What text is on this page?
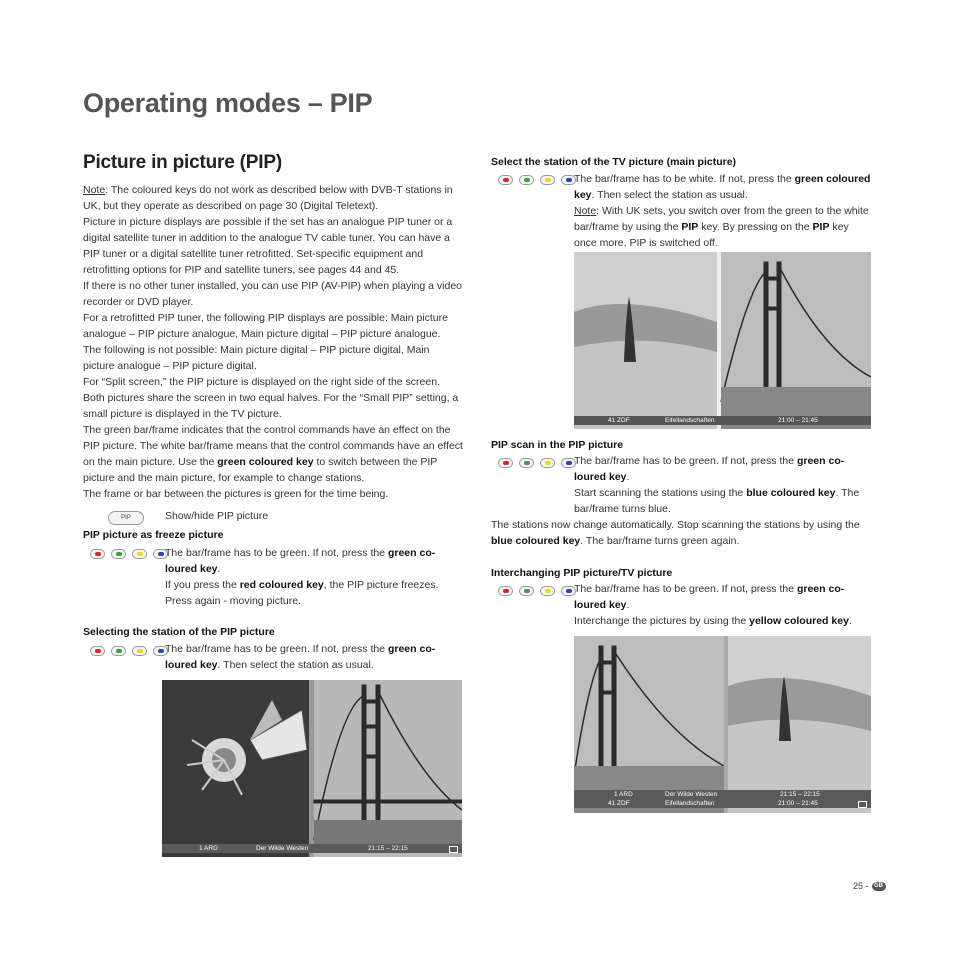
Operating modes – PIP
Picture in picture (PIP)

Note: The coloured keys do not work as described below with DVB-T stations in UK, but they operate as described on page 30 (Digital Teletext).

Picture in picture displays are possible if the set has an analogue PIP tuner or a digital satellite tuner in addition to the analogue TV cable tuner. You can have a PIP tuner or a digital satellite tuner retrofitted. Set-specific equipment and retrofitting options for PIP and satellite tuners, see pages 44 and 45.

If there is no other tuner installed, you can use PIP (AV-PIP) when playing a video recorder or DVD player.

For a retrofitted PIP tuner, the following PIP displays are possible: Main picture analogue – PIP picture analogue, Main picture digital – PIP picture analogue.

The following is not possible: Main picture digital – PIP picture digital, Main picture analogue – PIP picture digital.

For “Split screen,” the PIP picture is displayed on the right side of the screen. Both pictures share the screen in two equal halves. For the “Small PIP” setting, a small picture is displayed in the TV picture.

The green bar/frame indicates that the control commands have an effect on the PIP picture. The white bar/frame means that the control commands have an effect on the main picture. Use the green coloured key to switch between the PIP picture and the main picture, for example to change stations.

The frame or bar between the pictures is green for the time being.

PIP	Show/hide PIP picture
PIP picture as freeze picture

The bar/frame has to be green. If not, press the green co-loured key.

If you press the red coloured key, the PIP picture freezes. Press again - moving picture.

Selecting the station of the PIP picture

The bar/frame has to be green. If not, press the green co-loured key. Then select the station as usual.

1 ARD	Der Wilde Westen	21:15 – 22:15
Select the station of the TV picture (main picture)

The bar/frame has to be white. If not, press the green coloured key. Then select the station as usual.

Note: With UK sets, you switch over from the green to the white bar/frame by using the PIP key. By pressing on the PIP key once more, PIP is switched off.

41 ZDF	Eifellandschaften	21:00 – 21:45
PIP scan in the PIP picture

The bar/frame has to be green. If not, press the green co-loured key.

Start scanning the stations using the blue coloured key. The bar/frame turns blue.

The stations now change automatically. Stop scanning the stations by using the blue coloured key. The bar/frame turns green again.

Interchanging PIP picture/TV picture

The bar/frame has to be green. If not, press the green co-loured key.

Interchange the pictures by using the yellow coloured key.

1 ARD	Der Wilde Westen	21:15 – 22:15
41 ZDF	Eifellandschaften	21:00 – 21:45
25 - GB
